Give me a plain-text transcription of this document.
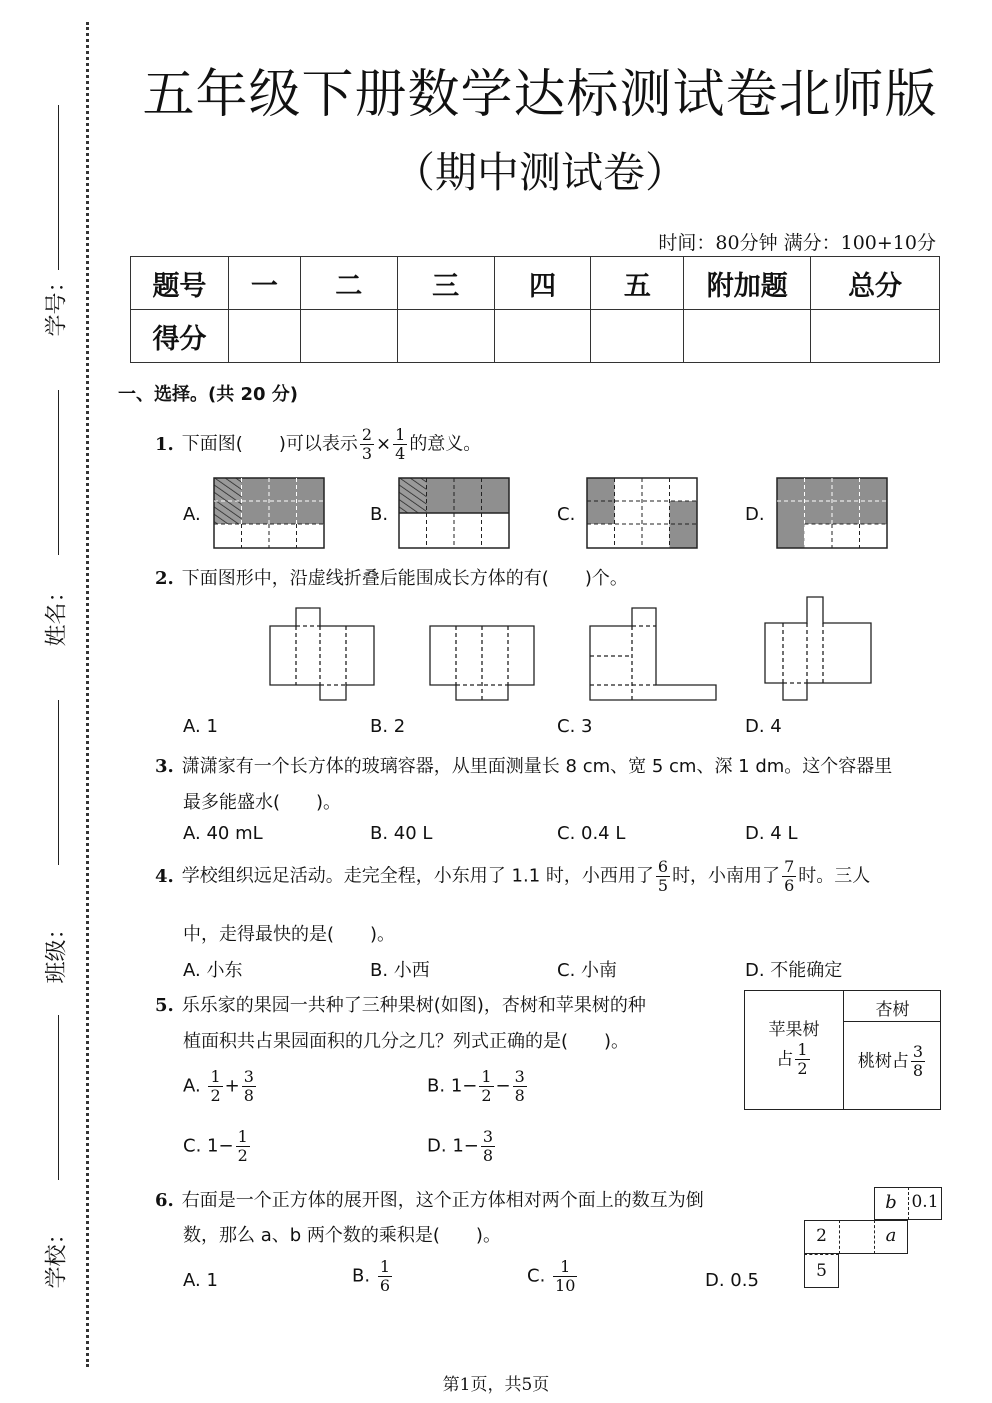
学号：
姓名：
班级：
学校：
五年级下册数学达标测试卷北师版
（期中测试卷）
时间：80分钟 满分：100+10分
题号	一	二	三	四	五	附加题	总分
得分							
一、选择。(共 20 分)
1. 下面图(　　)可以表示 $\frac{2}{3} \times \frac{1}{4}$ 的意义。
A.	B.	C.	D.
2. 下面图形中，沿虚线折叠后能围成长方体的有(　　)个。
A. 1	B. 2	C. 3	D. 4
3. 潇潇家有一个长方体的玻璃容器，从里面测量长 8 cm、宽 5 cm、深 1 dm。这个容器里
最多能盛水(　　)。
A. 40 mL	B. 40 L	C. 0.4 L	D. 4 L
4. 学校组织远足活动。走完全程，小东用了 1.1 时，小西用了 $\frac{6}{5}$ 时，小南用了 $\frac{7}{6}$ 时。三人
中，走得最快的是(　　)。
A. 小东	B. 小西	C. 小南	D. 不能确定
5. 乐乐家的果园一共种了三种果树(如图)，杏树和苹果树的种
植面积共占果园面积的几分之几？列式正确的是(　　)。
苹果树
占 $\frac{1}{2}$
杏树
桃树占 $\frac{3}{8}$
A. $\frac{1}{2} + \frac{3}{8}$	B. $1- \frac{1}{2} - \frac{3}{8}$
C. $1- \frac{1}{2}$	D. $1- \frac{3}{8}$
6. 右面是一个正方体的展开图，这个正方体相对两个面上的数互为倒
数，那么 a、b 两个数的乘积是(　　)。
b 0.1
2	a
5
A. 1	B. $\frac{1}{6}$	C. $\frac{1}{10}$	D. 0.5
第1页，共5页
